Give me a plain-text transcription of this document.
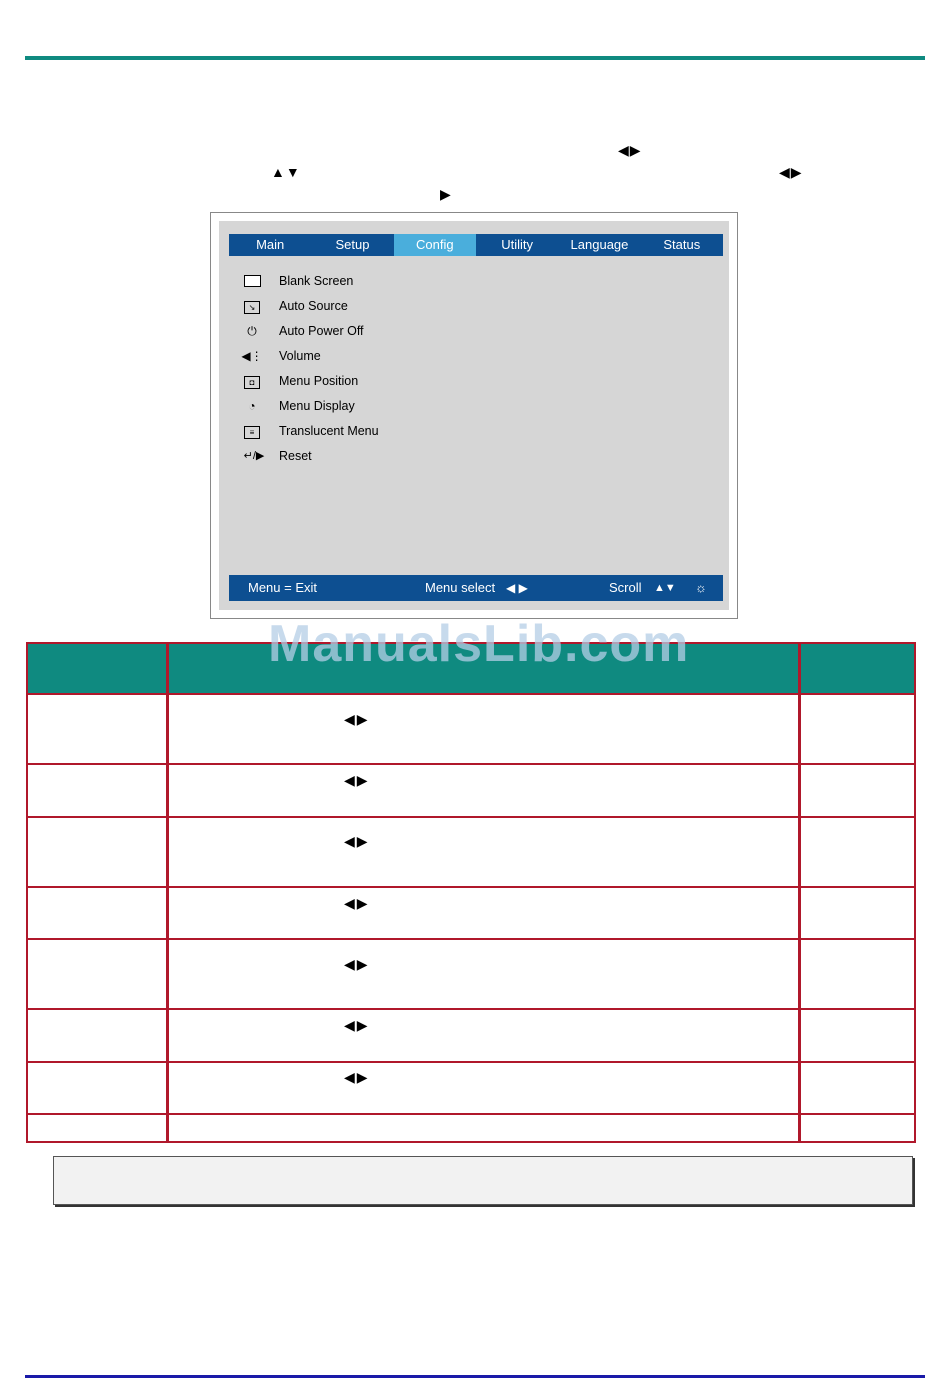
◀▶
▲▼	◀▶
▶
Main	Setup	Config	Utility	Language	Status
Blank Screen
↘	Auto Source
⏻	Auto Power Off
◀⋮ Volume
◘	Menu Position
◔	Menu Display
≡	Translucent Menu
↵/▶	Reset
Menu = Exit	Menu select ◀ ▶	Scroll ▲▼ ☼
◀▶
◀▶
◀▶
◀▶
◀▶
◀▶
◀▶
ManualsLib.com
